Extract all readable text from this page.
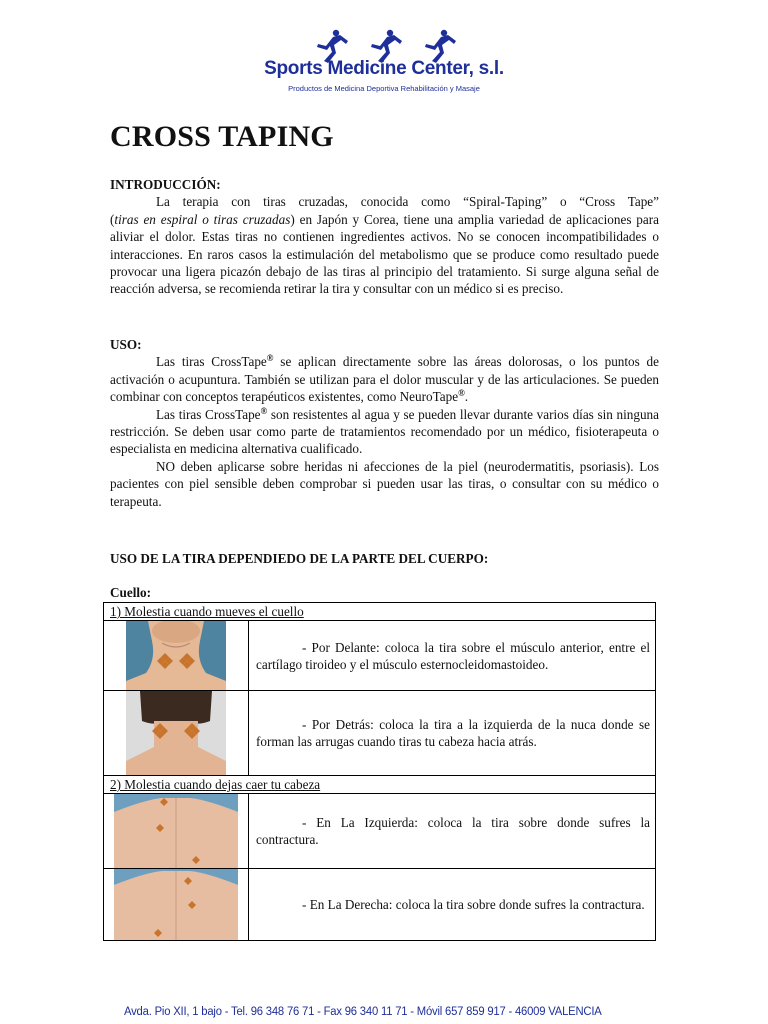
Sports Medicine Center, s.l.
Productos de Medicina Deportiva Rehabilitación y Masaje
CROSS TAPING
INTRODUCCIÓN:
La terapia con tiras cruzadas, conocida como “Spiral-Taping” o “Cross Tape”
(tiras en espiral o tiras cruzadas) en Japón y Corea, tiene una amplia variedad de aplicaciones para aliviar el dolor. Estas tiras no contienen ingredientes activos. No se conocen incompatibilidades o interacciones. En raros casos la estimulación del metabolismo que se produce como resultado puede provocar una ligera picazón debajo de las tiras al principio del tratamiento. Si surge alguna señal de reacción adversa, se recomienda retirar la tira y consultar con un médico si es preciso.
USO:
Las tiras CrossTape® se aplican directamente sobre las áreas dolorosas, o los puntos de activación o acupuntura. También se utilizan para el dolor muscular y de las articulaciones. Se pueden combinar con conceptos terapéuticos existentes, como NeuroTape®.
Las tiras CrossTape® son resistentes al agua y se pueden llevar durante varios días sin ninguna restricción. Se deben usar como parte de tratamientos recomendado por un médico, fisioterapeuta o especialista en medicina alternativa cualificado.
NO deben aplicarse sobre heridas ni afecciones de la piel (neurodermatitis, psoriasis). Los pacientes con piel sensible deben comprobar si pueden usar las tiras, o consultar con su médico o terapeuta.
USO DE LA TIRA DEPENDIEDO DE LA PARTE DEL CUERPO:
Cuello:
1) Molestia cuando mueves el cuello
- Por Delante: coloca la tira sobre el músculo anterior, entre el cartílago tiroideo y el músculo esternocleidomastoideo.
- Por Detrás: coloca la tira a la izquierda de la nuca donde se forman las arrugas cuando tiras tu cabeza hacia atrás.
2) Molestia cuando dejas caer tu cabeza
- En La Izquierda: coloca la tira sobre donde sufres la contractura.
- En La Derecha: coloca la tira sobre donde sufres la contractura.
Avda. Pio XII, 1 bajo - Tel. 96 348 76 71 - Fax 96 340 11 71 - Móvil 657 859 917 - 46009 VALENCIA
